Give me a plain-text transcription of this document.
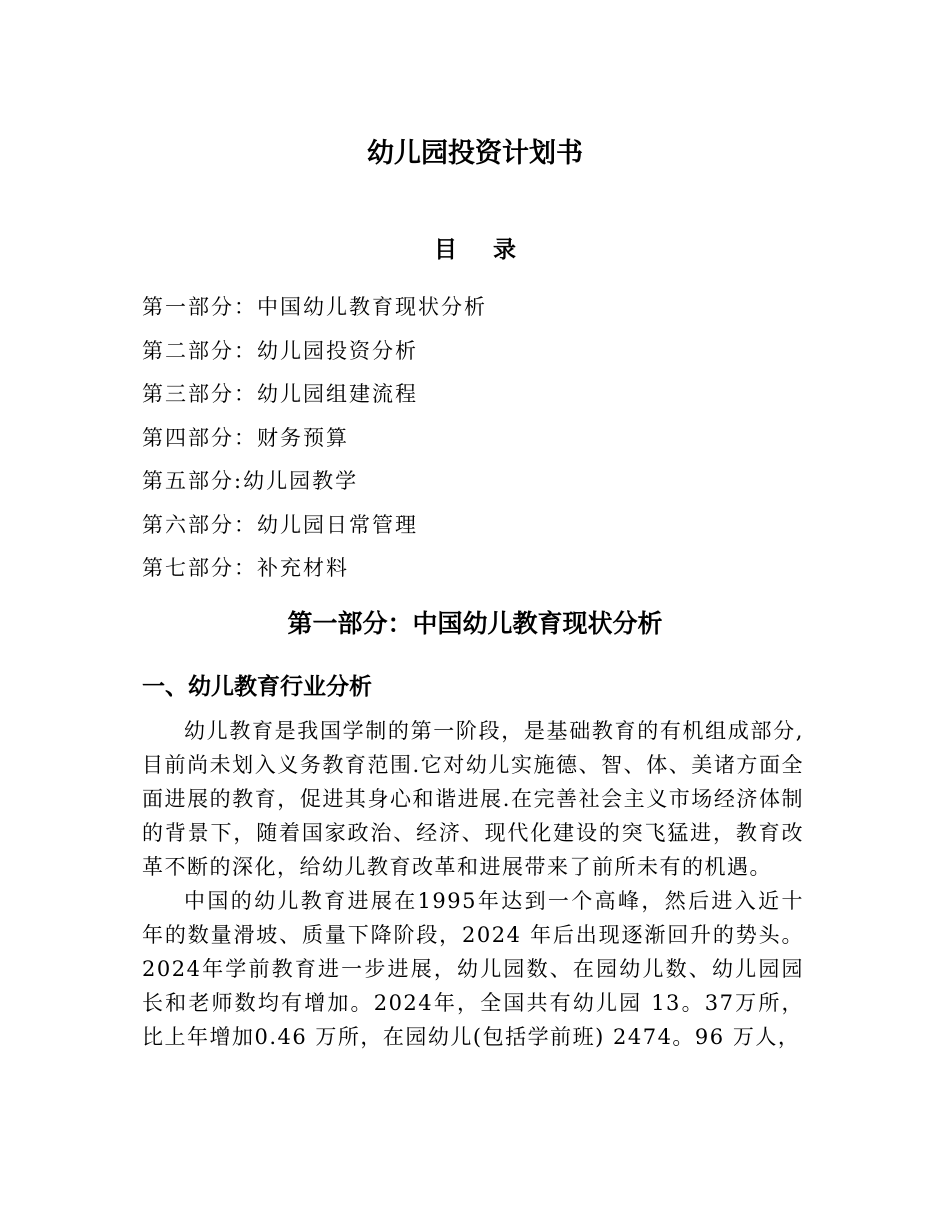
幼儿园投资计划书
目 录
第一部分：中国幼儿教育现状分析
第二部分：幼儿园投资分析
第三部分：幼儿园组建流程
第四部分：财务预算
第五部分:幼儿园教学
第六部分：幼儿园日常管理
第七部分：补充材料
第一部分：中国幼儿教育现状分析
一、幼儿教育行业分析

幼儿教育是我国学制的第一阶段，是基础教育的有机组成部分,目前尚未划入义务教育范围.它对幼儿实施德、智、体、美诸方面全面进展的教育，促进其身心和谐进展.在完善社会主义市场经济体制的背景下，随着国家政治、经济、现代化建设的突飞猛进，教育改革不断的深化，给幼儿教育改革和进展带来了前所未有的机遇。

中国的幼儿教育进展在1995年达到一个高峰，然后进入近十年的数量滑坡、质量下降阶段，2024 年后出现逐渐回升的势头。2024年学前教育进一步进展，幼儿园数、在园幼儿数、幼儿园园长和老师数均有增加。2024年，全国共有幼儿园 13。37万所，比上年增加0.46 万所，在园幼儿(包括学前班) 2474。96 万人，
